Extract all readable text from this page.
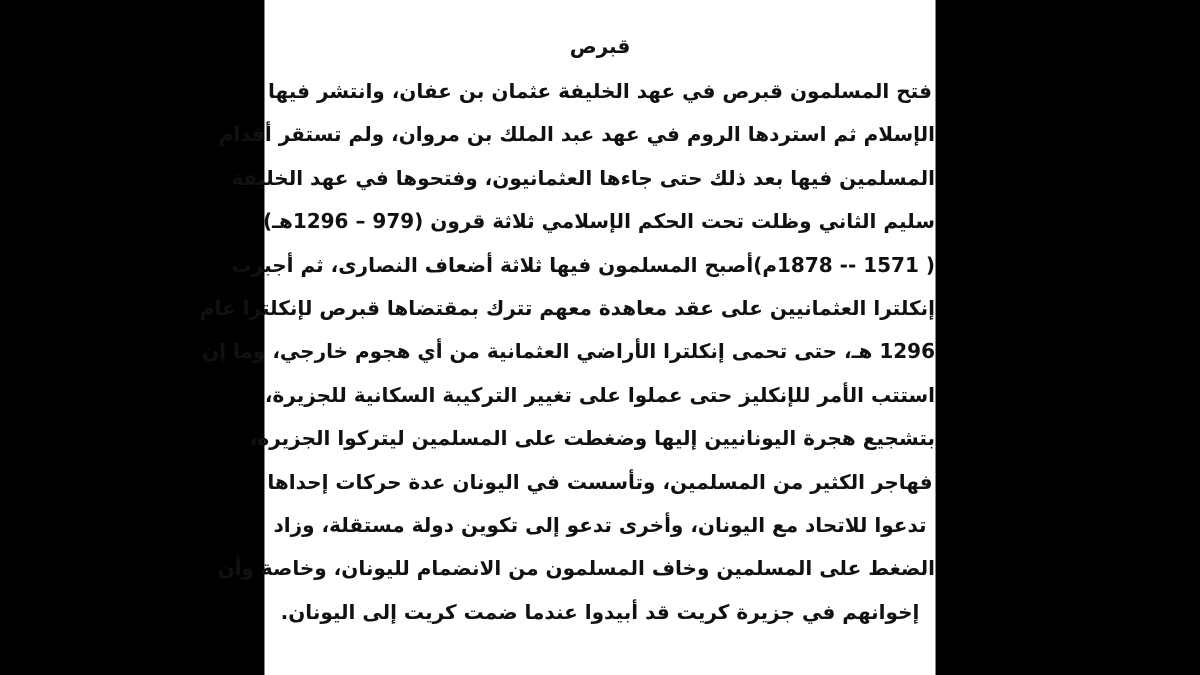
قبرص
فتح المسلمون قبرص في عهد الخليفة عثمان بن عفان، وانتشر فيها
الإسلام ثم استردها الروم في عهد عبد الملك بن مروان، ولم تستقر أقدام
المسلمين فيها بعد ذلك حتى جاءها العثمانيون، وفتحوها في عهد الخليفة
سليم الثاني وظلت تحت الحكم الإسلامي ثلاثة قرون (979 – 1296هـ)
( 1571 -- 1878م)أصبح المسلمون فيها ثلاثة أضعاف النصارى، ثم أجبرت
إنكلترا العثمانيين على عقد معاهدة معهم تترك بمقتضاها قبرص لإنكلترا عام
1296 هـ، حتى تحمى إنكلترا الأراضي العثمانية من أي هجوم خارجي، وما إن
استتب الأمر للإنكليز حتى عملوا على تغيير التركيبة السكانية للجزيرة،
بتشجيع هجرة اليونانيين إليها وضغطت على المسلمين ليتركوا الجزيرة،
فهاجر الكثير من المسلمين، وتأسست في اليونان عدة حركات إحداها
تدعوا للاتحاد مع اليونان، وأخرى تدعو إلى تكوين دولة مستقلة، وزاد
الضغط على المسلمين وخاف المسلمون من الانضمام لليونان، وخاصة وأن
إخوانهم في جزيرة كريت قد أبيدوا عندما ضمت كريت إلى اليونان.
